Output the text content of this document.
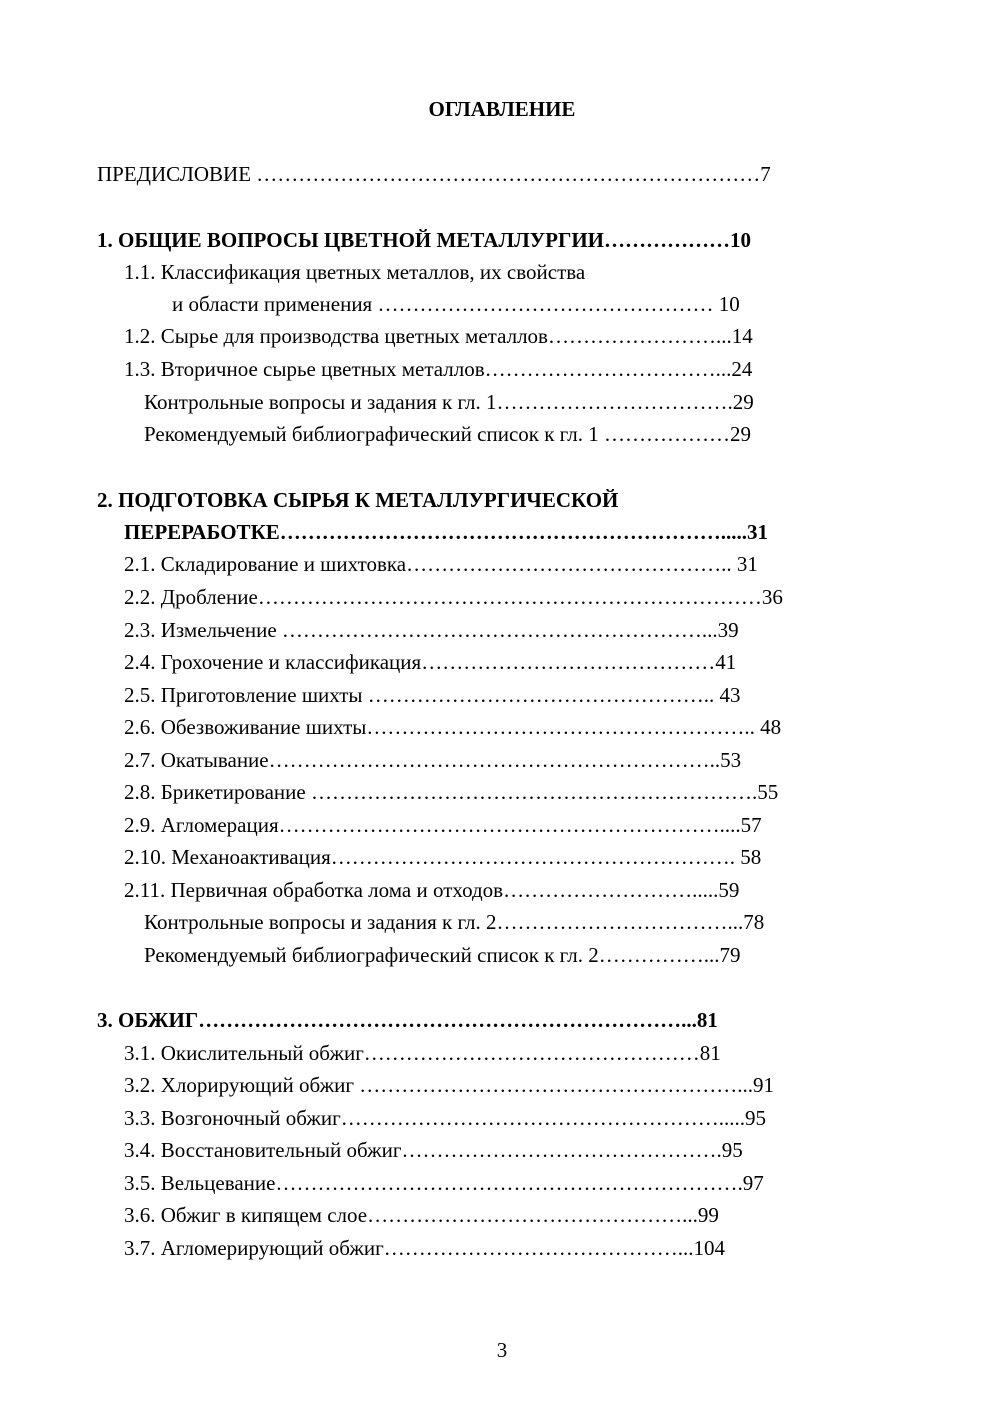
ОГЛАВЛЕНИЕ
ПРЕДИСЛОВИЕ ………………………………………………………………7
1. ОБЩИЕ ВОПРОСЫ ЦВЕТНОЙ МЕТАЛЛУРГИИ………………10
1.1. Классификация цветных металлов, их свойства
и области применения ………………………………………… 10
1.2. Сырье для производства цветных металлов……………………...14
1.3. Вторичное сырье цветных металлов……………………………...24
Контрольные вопросы и задания к гл. 1…………………………….29
Рекомендуемый библиографический список к гл. 1 ………………29
2. ПОДГОТОВКА СЫРЬЯ К МЕТАЛЛУРГИЧЕСКОЙ
ПЕРЕРАБОТКЕ……………………………………………………….....31
2.1. Складирование и шихтовка……………………………………….. 31
2.2. Дробление………………………………………………………………36
2.3. Измельчение ……………………………………………………...39
2.4. Грохочение и классификация……………………………………41
2.5. Приготовление шихты ………………………………………….. 43
2.6. Обезвоживание шихты……………………………………………….. 48
2.7. Окатывание………………………………………………………..53
2.8. Брикетирование ……………………………………………………….55
2.9. Агломерация………………………………………………………....57
2.10. Механоактивация…………………………………………………. 58
2.11. Первичная обработка лома и отходов……………………….....59
Контрольные вопросы и задания к гл. 2……………………………...78
Рекомендуемый библиографический список к гл. 2……………...79
3. ОБЖИГ……………………………………………………………...81
3.1. Окислительный обжиг…………………………………………81
3.2. Хлорирующий обжиг ………………………………………………...91
3.3. Возгоночный обжиг……………………………………………….....95
3.4. Восстановительный обжиг……………………………………….95
3.5. Вельцевание………………………………………………………….97
3.6. Обжиг в кипящем слое………………………………………...99
3.7. Агломерирующий обжиг……………………………………...104
3
